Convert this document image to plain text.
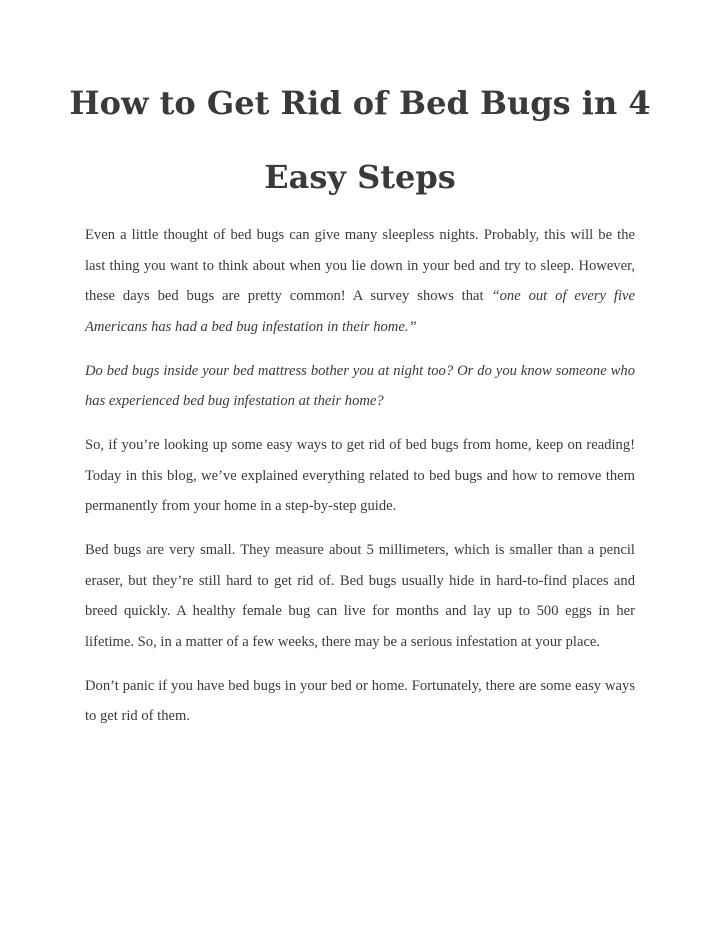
How to Get Rid of Bed Bugs in 4 Easy Steps

Even a little thought of bed bugs can give many sleepless nights. Probably, this will be the last thing you want to think about when you lie down in your bed and try to sleep. However, these days bed bugs are pretty common! A survey shows that “one out of every five Americans has had a bed bug infestation in their home.”

Do bed bugs inside your bed mattress bother you at night too? Or do you know someone who has experienced bed bug infestation at their home?

So, if you’re looking up some easy ways to get rid of bed bugs from home, keep on reading! Today in this blog, we’ve explained everything related to bed bugs and how to remove them permanently from your home in a step-by-step guide.

Bed bugs are very small. They measure about 5 millimeters, which is smaller than a pencil eraser, but they’re still hard to get rid of. Bed bugs usually hide in hard-to-find places and breed quickly. A healthy female bug can live for months and lay up to 500 eggs in her lifetime. So, in a matter of a few weeks, there may be a serious infestation at your place.

Don’t panic if you have bed bugs in your bed or home. Fortunately, there are some easy ways to get rid of them.
